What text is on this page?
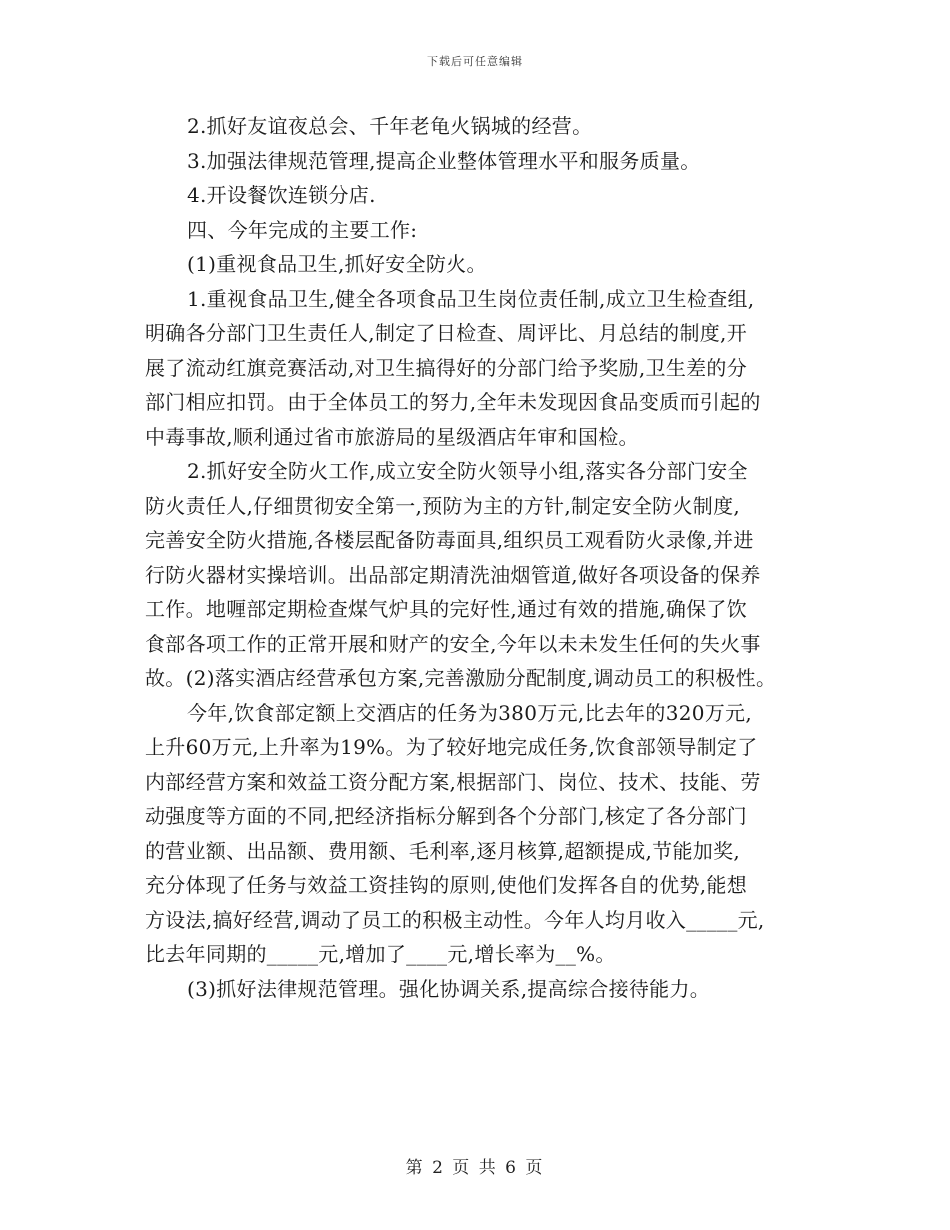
下载后可任意编辑
2.抓好友谊夜总会、千年老龟火锅城的经营。
3.加强法律规范管理,提高企业整体管理水平和服务质量。
4.开设餐饮连锁分店.
四、今年完成的主要工作:
(1)重视食品卫生,抓好安全防火。
1.重视食品卫生,健全各项食品卫生岗位责任制,成立卫生检查组,
明确各分部门卫生责任人,制定了日检查、周评比、月总结的制度,开
展了流动红旗竞赛活动,对卫生搞得好的分部门给予奖励,卫生差的分
部门相应扣罚。由于全体员工的努力,全年未发现因食品变质而引起的
中毒事故,顺利通过省市旅游局的星级酒店年审和国检。
2.抓好安全防火工作,成立安全防火领导小组,落实各分部门安全
防火责任人,仔细贯彻安全第一,预防为主的方针,制定安全防火制度,
完善安全防火措施,各楼层配备防毒面具,组织员工观看防火录像,并进
行防火器材实操培训。出品部定期清洗油烟管道,做好各项设备的保养
工作。地喱部定期检查煤气炉具的完好性,通过有效的措施,确保了饮
食部各项工作的正常开展和财产的安全,今年以未未发生任何的失火事
故。(2)落实酒店经营承包方案,完善激励分配制度,调动员工的积极性。
今年,饮食部定额上交酒店的任务为380万元,比去年的320万元,
上升60万元,上升率为19%。为了较好地完成任务,饮食部领导制定了
内部经营方案和效益工资分配方案,根据部门、岗位、技术、技能、劳
动强度等方面的不同,把经济指标分解到各个分部门,核定了各分部门
的营业额、出品额、费用额、毛利率,逐月核算,超额提成,节能加奖,
充分体现了任务与效益工资挂钩的原则,使他们发挥各自的优势,能想
方设法,搞好经营,调动了员工的积极主动性。今年人均月收入_____元,
比去年同期的_____元,增加了____元,增长率为__%。
(3)抓好法律规范管理。强化协调关系,提高综合接待能力。
第 2 页 共 6 页
